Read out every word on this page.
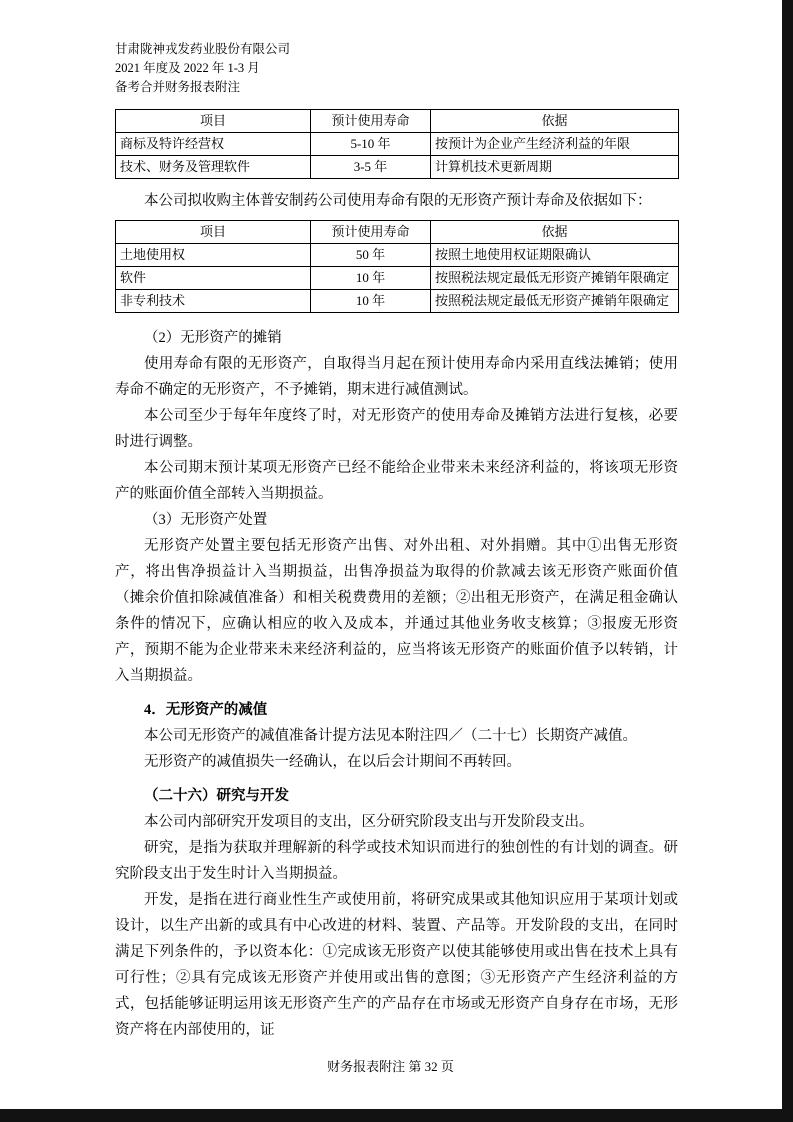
甘肃陇神戎发药业股份有限公司
2021 年度及 2022 年 1-3 月
备考合并财务报表附注
项目	预计使用寿命	依据
商标及特许经营权	5-10 年	按预计为企业产生经济利益的年限
技术、财务及管理软件	3-5 年	计算机技术更新周期
本公司拟收购主体普安制药公司使用寿命有限的无形资产预计寿命及依据如下：
项目	预计使用寿命	依据
土地使用权	50 年	按照土地使用权证期限确认
软件	10 年	按照税法规定最低无形资产摊销年限确定
非专利技术	10 年	按照税法规定最低无形资产摊销年限确定
（2）无形资产的摊销
使用寿命有限的无形资产，自取得当月起在预计使用寿命内采用直线法摊销；使用寿命不确定的无形资产，不予摊销，期末进行减值测试。
本公司至少于每年年度终了时，对无形资产的使用寿命及摊销方法进行复核，必要时进行调整。
本公司期末预计某项无形资产已经不能给企业带来未来经济利益的，将该项无形资产的账面价值全部转入当期损益。
（3）无形资产处置
无形资产处置主要包括无形资产出售、对外出租、对外捐赠。其中①出售无形资产，将出售净损益计入当期损益，出售净损益为取得的价款减去该无形资产账面价值（摊余价值扣除减值准备）和相关税费费用的差额；②出租无形资产，在满足租金确认条件的情况下，应确认相应的收入及成本，并通过其他业务收支核算；③报废无形资产，预期不能为企业带来未来经济利益的，应当将该无形资产的账面价值予以转销，计入当期损益。
4．无形资产的减值
本公司无形资产的减值准备计提方法见本附注四／（二十七）长期资产减值。
无形资产的减值损失一经确认，在以后会计期间不再转回。
（二十六）研究与开发
本公司内部研究开发项目的支出，区分研究阶段支出与开发阶段支出。
研究，是指为获取并理解新的科学或技术知识而进行的独创性的有计划的调查。研究阶段支出于发生时计入当期损益。
开发，是指在进行商业性生产或使用前，将研究成果或其他知识应用于某项计划或设计，以生产出新的或具有中心改进的材料、装置、产品等。开发阶段的支出，在同时满足下列条件的，予以资本化：①完成该无形资产以使其能够使用或出售在技术上具有可行性；②具有完成该无形资产并使用或出售的意图；③无形资产产生经济利益的方式，包括能够证明运用该无形资产生产的产品存在市场或无形资产自身存在市场，无形资产将在内部使用的，证
财务报表附注 第 32 页
